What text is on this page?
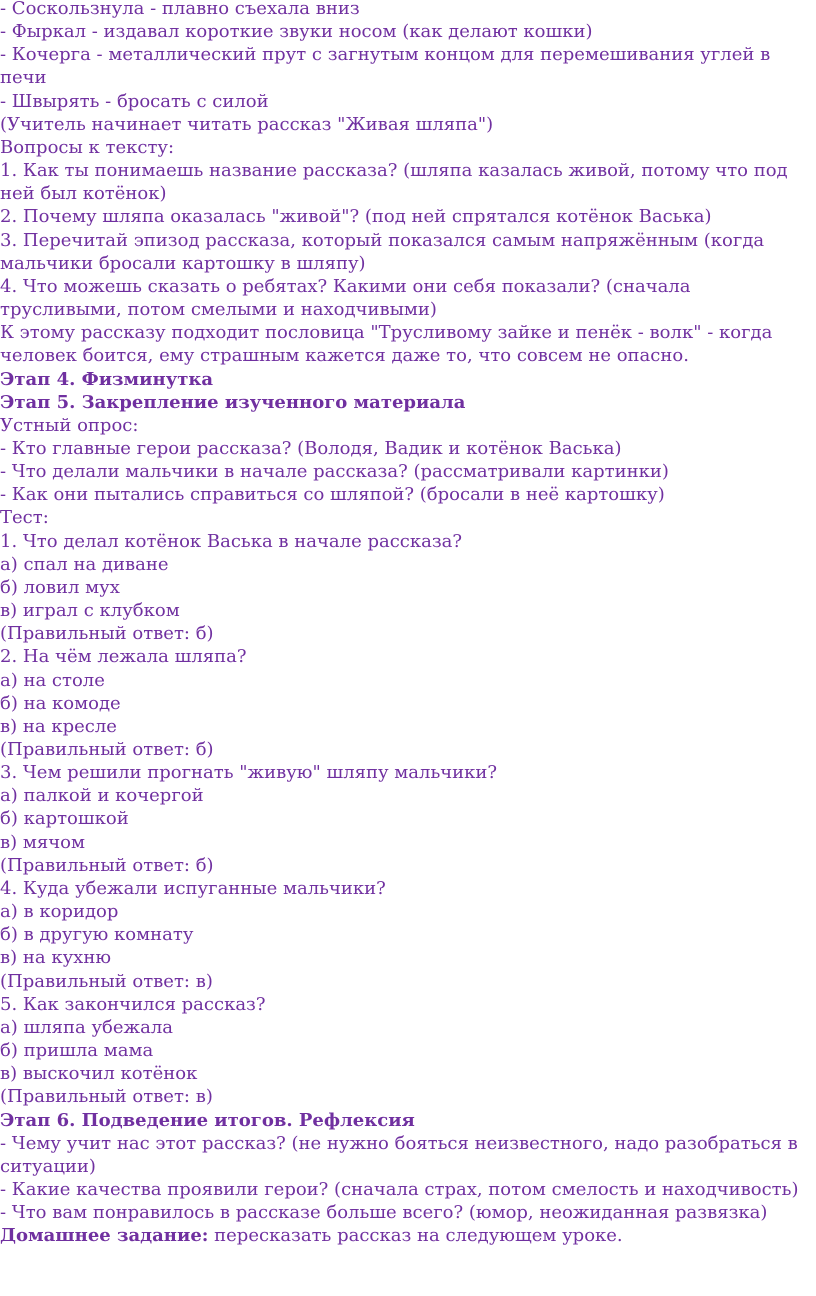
- Соскользнула - плавно съехала вниз

- Фыркал - издавал короткие звуки носом (как делают кошки)

- Кочерга - металлический прут с загнутым концом для перемешивания углей в печи

- Швырять - бросать с силой

(Учитель начинает читать рассказ "Живая шляпа")

Вопросы к тексту:

1. Как ты понимаешь название рассказа? (шляпа казалась живой, потому что под ней был котёнок)

2. Почему шляпа оказалась "живой"? (под ней спрятался котёнок Васька)

3. Перечитай эпизод рассказа, который показался самым напряжённым (когда мальчики бросали картошку в шляпу)

4. Что можешь сказать о ребятах? Какими они себя показали? (сначала трусливыми, потом смелыми и находчивыми)

К этому рассказу подходит пословица "Трусливому зайке и пенёк - волк" - когда человек боится, ему страшным кажется даже то, что совсем не опасно.

Этап 4. Физминутка

Этап 5. Закрепление изученного материала

Устный опрос:

- Кто главные герои рассказа? (Володя, Вадик и котёнок Васька)

- Что делали мальчики в начале рассказа? (рассматривали картинки)

- Как они пытались справиться со шляпой? (бросали в неё картошку)

Тест:

1. Что делал котёнок Васька в начале рассказа?

а) спал на диване

б) ловил мух

в) играл с клубком

(Правильный ответ: б)

2. На чём лежала шляпа?

а) на столе

б) на комоде

в) на кресле

(Правильный ответ: б)

3. Чем решили прогнать "живую" шляпу мальчики?

а) палкой и кочергой

б) картошкой

в) мячом

(Правильный ответ: б)

4. Куда убежали испуганные мальчики?

а) в коридор

б) в другую комнату

в) на кухню

(Правильный ответ: в)

5. Как закончился рассказ?

а) шляпа убежала

б) пришла мама

в) выскочил котёнок

(Правильный ответ: в)

Этап 6. Подведение итогов. Рефлексия

- Чему учит нас этот рассказ? (не нужно бояться неизвестного, надо разобраться в ситуации)

- Какие качества проявили герои? (сначала страх, потом смелость и находчивость)

- Что вам понравилось в рассказе больше всего? (юмор, неожиданная развязка)

Домашнее задание: пересказать рассказ на следующем уроке.
